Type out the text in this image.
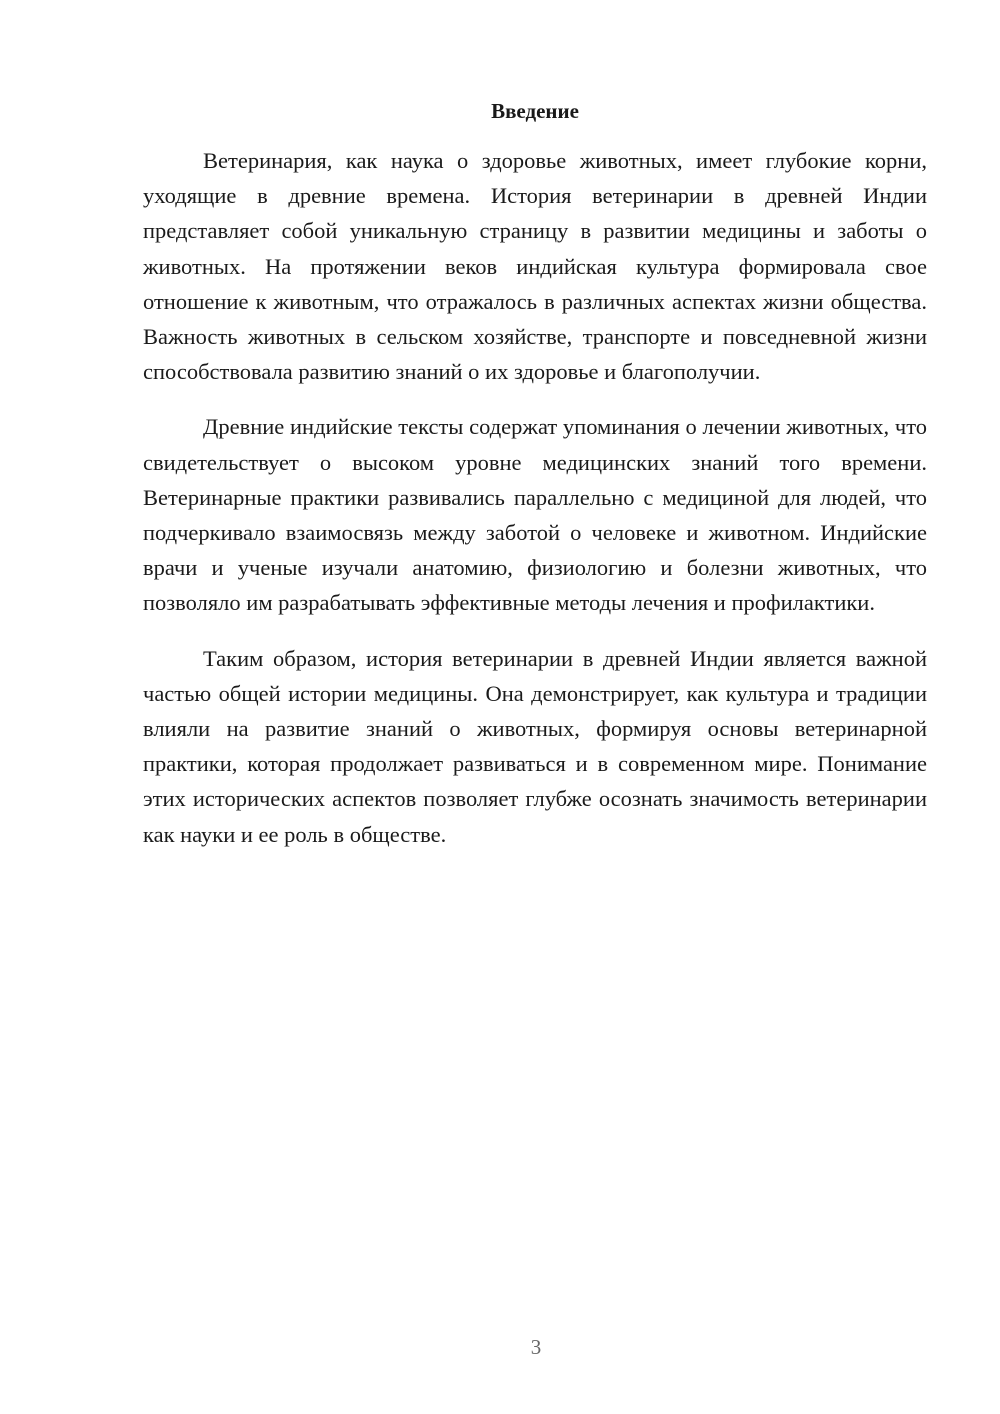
Введение

Ветеринария, как наука о здоровье животных, имеет глубокие корни, уходящие в древние времена. История ветеринарии в древней Индии представляет собой уникальную страницу в развитии медицины и заботы о животных. На протяжении веков индийская культура формировала свое отношение к животным, что отражалось в различных аспектах жизни общества. Важность животных в сельском хозяйстве, транспорте и повседневной жизни способствовала развитию знаний о их здоровье и благополучии.

Древние индийские тексты содержат упоминания о лечении животных, что свидетельствует о высоком уровне медицинских знаний того времени. Ветеринарные практики развивались параллельно с медициной для людей, что подчеркивало взаимосвязь между заботой о человеке и животном. Индийские врачи и ученые изучали анатомию, физиологию и болезни животных, что позволяло им разрабатывать эффективные методы лечения и профилактики.

Таким образом, история ветеринарии в древней Индии является важной частью общей истории медицины. Она демонстрирует, как культура и традиции влияли на развитие знаний о животных, формируя основы ветеринарной практики, которая продолжает развиваться и в современном мире. Понимание этих исторических аспектов позволяет глубже осознать значимость ветеринарии как науки и ее роль в обществе.

3
